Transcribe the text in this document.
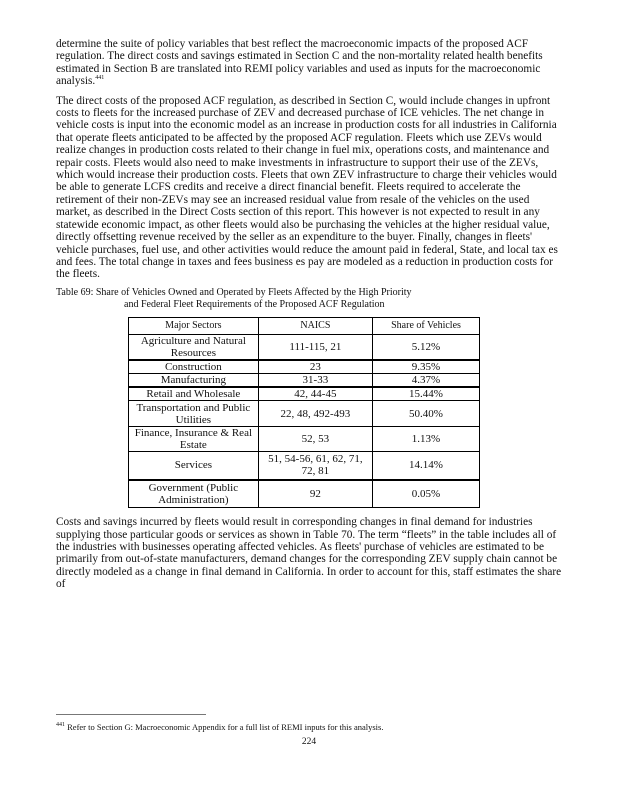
determine the suite of policy variables that best reflect the macroeconomic impacts of the proposed ACF regulation. The direct costs and savings estimated in Section C and the non-mortality related health benefits estimated in Section B are translated into REMI policy variables and used as inputs for the macroeconomic analysis.$^{441}$

The direct costs of the proposed ACF regulation, as described in Section C, would include changes in upfront costs to fleets for the increased purchase of ZEV and decreased purchase of ICE vehicles. The net change in vehicle costs is input into the economic model as an increase in production costs for all industries in California that operate fleets anticipated to be affected by the proposed ACF regulation. Fleets which use ZEVs would realize changes in production costs related to their change in fuel mix, operations costs, and maintenance and repair costs. Fleets would also need to make investments in infrastructure to support their use of the ZEVs, which would increase their production costs. Fleets that own ZEV infrastructure to charge their vehicles would be able to generate LCFS credits and receive a direct financial benefit. Fleets required to accelerate the retirement of their non-ZEVs may see an increased residual value from resale of the vehicles on the used market, as described in the Direct Costs section of this report. This however is not expected to result in any statewide economic impact, as other fleets would also be purchasing the vehicles at the higher residual value, directly offsetting revenue received by the seller as an expenditure to the buyer. Finally, changes in fleets' vehicle purchases, fuel use, and other activities would reduce the amount paid in federal, State, and local tax es and fees. The total change in taxes and fees business es pay are modeled as a reduction in production costs for the fleets.

Table 69: Share of Vehicles Owned and Operated by Fleets Affected by the High Priority
and Federal Fleet Requirements of the Proposed ACF Regulation
Major Sectors	NAICS	Share of Vehicles
Agriculture and Natural Resources	111-115, 21	5.12%
Construction	23	9.35%
Manufacturing	31-33	4.37%
Retail and Wholesale	42, 44-45	15.44%
Transportation and Public Utilities	22, 48, 492-493	50.40%
Finance, Insurance & Real Estate	52, 53	1.13%
Services	51, 54-56, 61, 62, 71, 72, 81	14.14%
Government (Public Administration)	92	0.05%

Costs and savings incurred by fleets would result in corresponding changes in final demand for industries supplying those particular goods or services as shown in Table 70. The term “fleets” in the table includes all of the industries with businesses operating affected vehicles. As fleets' purchase of vehicles are estimated to be primarily from out-of-state manufacturers, demand changes for the corresponding ZEV supply chain cannot be directly modeled as a change in final demand in California. In order to account for this, staff estimates the share of

$^{441}$ Refer to Section G: Macroeconomic Appendix for a full list of REMI inputs for this analysis.
224
